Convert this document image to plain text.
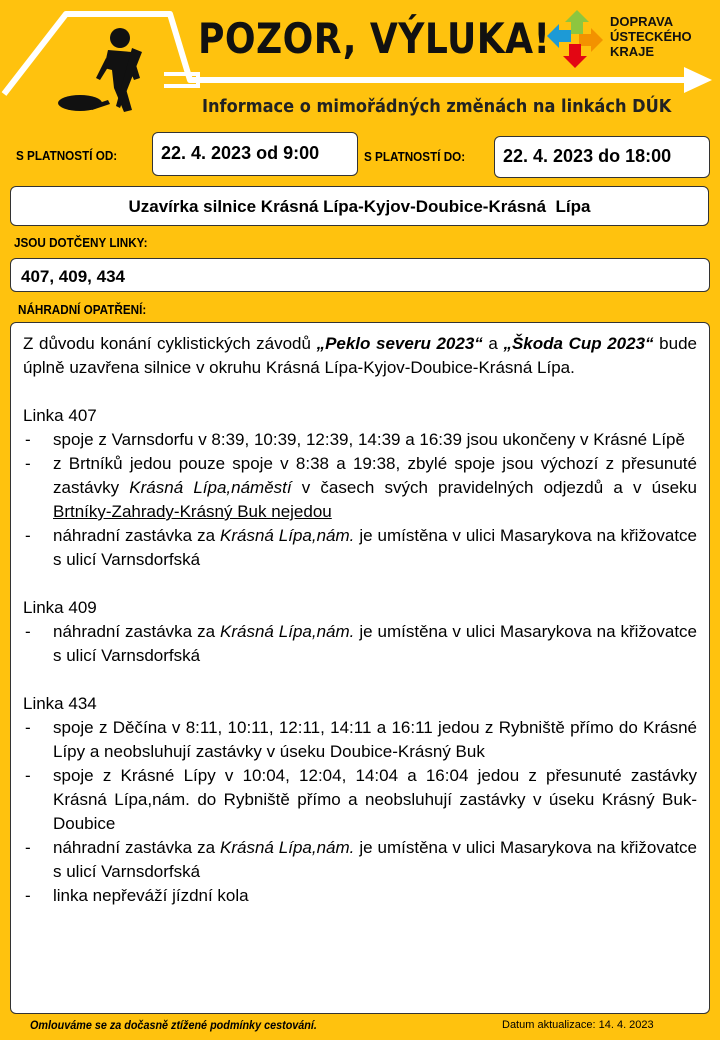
POZOR, VÝLUKA!
Informace o mimořádných změnách na linkách DÚK
DOPRAVA
ÚSTECKÉHO
KRAJE
S PLATNOSTÍ OD:	22. 4. 2023 od 9:00	S PLATNOSTÍ DO:	22. 4. 2023 do 18:00
Uzavírka silnice Krásná Lípa-Kyjov-Doubice-Krásná  Lípa
JSOU DOTČENY LINKY:
407, 409, 434
NÁHRADNÍ OPATŘENÍ:
Z důvodu konání cyklistických závodů „Peklo severu 2023“ a „Škoda Cup 2023“ bude úplně uzavřena silnice v okruhu Krásná Lípa-Kyjov-Doubice-Krásná Lípa.
Linka 407
- spoje z Varnsdorfu v 8:39, 10:39, 12:39, 14:39 a 16:39 jsou ukončeny v Krásné Lípě
- z Brtníků jedou pouze spoje v 8:38 a 19:38, zbylé spoje jsou výchozí z přesunuté zastávky Krásná Lípa,náměstí v časech svých pravidelných odjezdů a v úseku Brtníky-Zahrady-Krásný Buk nejedou
- náhradní zastávka za Krásná Lípa,nám. je umístěna v ulici Masarykova na křižovatce s ulicí Varnsdorfská
Linka 409
- náhradní zastávka za Krásná Lípa,nám. je umístěna v ulici Masarykova na křižovatce s ulicí Varnsdorfská
Linka 434
- spoje z Děčína v 8:11, 10:11, 12:11, 14:11 a 16:11 jedou z Rybniště přímo do Krásné Lípy a neobsluhují zastávky v úseku Doubice-Krásný Buk
- spoje z Krásné Lípy v 10:04, 12:04, 14:04 a 16:04 jedou z přesunuté zastávky Krásná Lípa,nám. do Rybniště přímo a neobsluhují zastávky v úseku Krásný Buk-Doubice
- náhradní zastávka za Krásná Lípa,nám. je umístěna v ulici Masarykova na křižovatce s ulicí Varnsdorfská
- linka nepřeváží jízdní kola
Omlouváme se za dočasně ztížené podmínky cestování.	Datum aktualizace: 14. 4. 2023
